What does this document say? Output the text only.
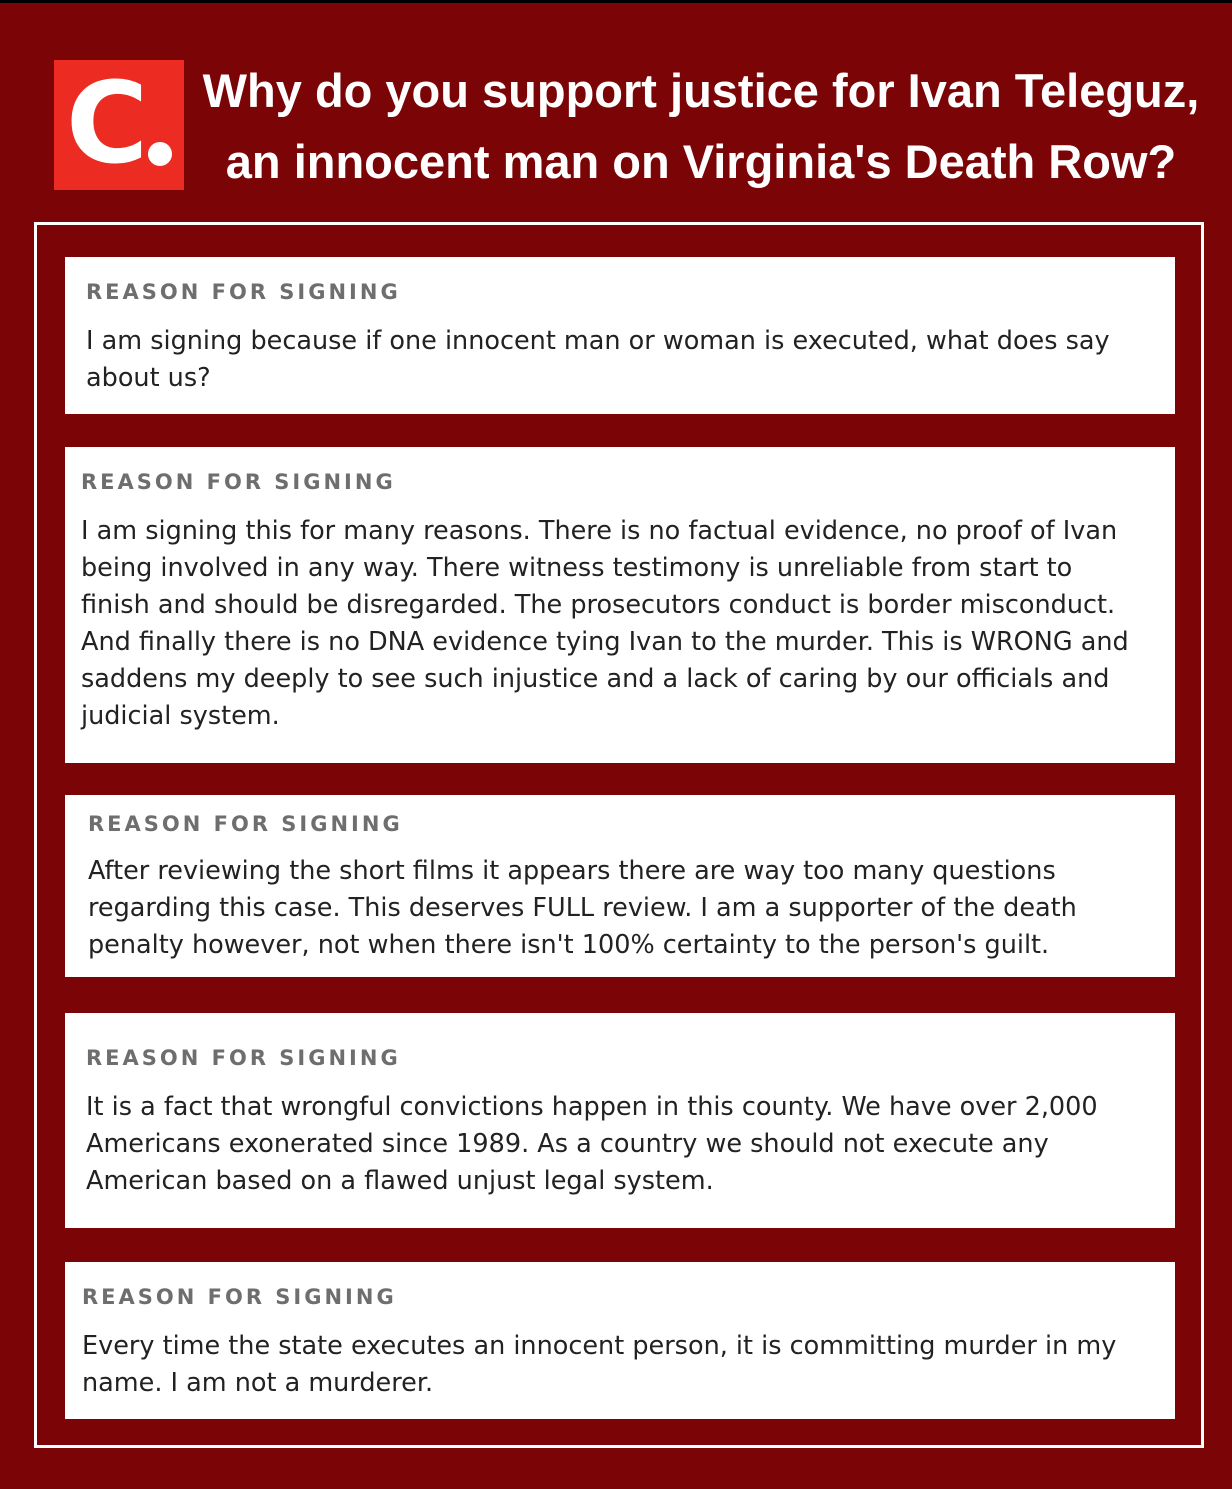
C Why do you support justice for Ivan Teleguz,
an innocent man on Virginia's Death Row?
REASON FOR SIGNING
I am signing because if one innocent man or woman is executed, what does say about us?
REASON FOR SIGNING
I am signing this for many reasons. There is no factual evidence, no proof of Ivan being involved in any way. There witness testimony is unreliable from start to finish and should be disregarded. The prosecutors conduct is border misconduct. And finally there is no DNA evidence tying Ivan to the murder. This is WRONG and saddens my deeply to see such injustice and a lack of caring by our officials and judicial system.
REASON FOR SIGNING
After reviewing the short films it appears there are way too many questions regarding this case. This deserves FULL review. I am a supporter of the death penalty however, not when there isn't 100% certainty to the person's guilt.
REASON FOR SIGNING
It is a fact that wrongful convictions happen in this county. We have over 2,000 Americans exonerated since 1989. As a country we should not execute any American based on a flawed unjust legal system.
REASON FOR SIGNING
Every time the state executes an innocent person, it is committing murder in my name. I am not a murderer.
